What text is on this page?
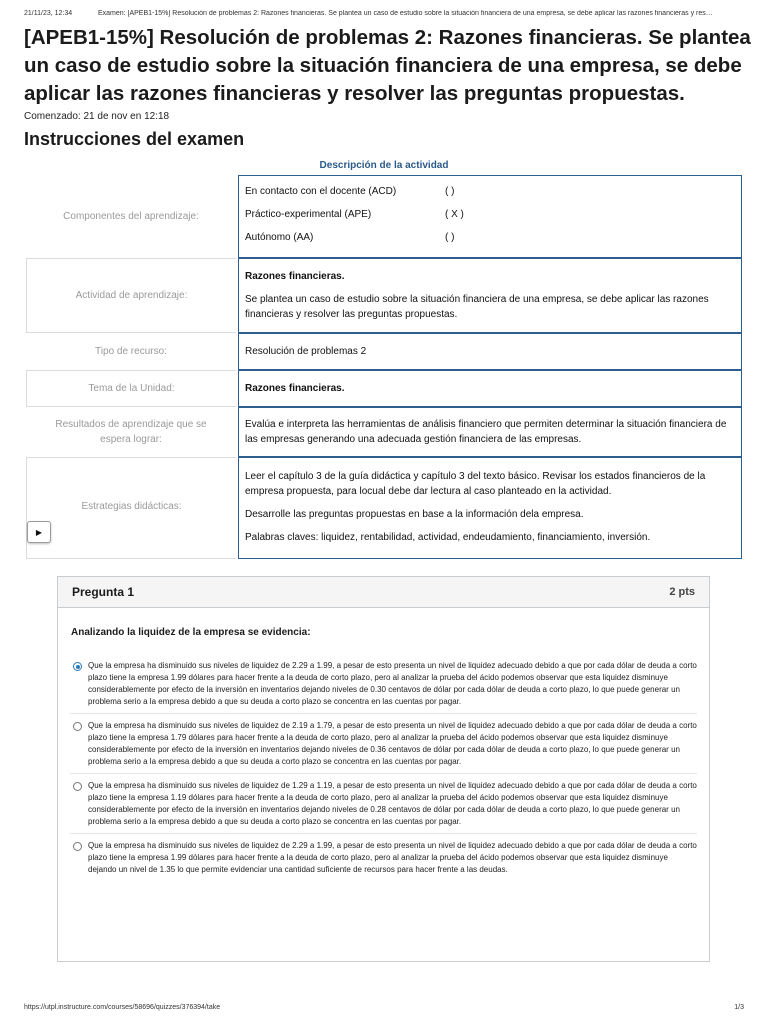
21/11/23, 12:34	Examen: [APEB1-15%] Resolución de problemas 2: Razones financieras. Se plantea un caso de estudio sobre la situación financiera de una empresa, se debe aplicar las razones financieras y res…
[APEB1-15%] Resolución de problemas 2: Razones financieras. Se plantea un caso de estudio sobre la situación financiera de una empresa, se debe aplicar las razones financieras y resolver las preguntas propuestas.
Comenzado: 21 de nov en 12:18
Instrucciones del examen
Descripción de la actividad
Componentes del aprendizaje:
En contacto con el docente (ACD)	( )
Práctico-experimental (APE)	( X )
Autónomo (AA)	( )
Actividad de aprendizaje:

Razones financieras.

Se plantea un caso de estudio sobre la situación financiera de una empresa, se debe aplicar las razones financieras y resolver las preguntas propuestas.

Tipo de recurso:	Resolución de problemas 2
Tema de la Unidad:	Razones financieras.
Resultados de aprendizaje que se espera lograr:
Evalúa e interpreta las herramientas de análisis financiero que permiten determinar la situación financiera de las empresas generando una adecuada gestión financiera de las empresas.
Estrategias didácticas:

Leer el capítulo 3 de la guía didáctica y capítulo 3 del texto básico. Revisar los estados financieros de la empresa propuesta, para locual debe dar lectura al caso planteado en la actividad.

Desarrolle las preguntas propuestas en base a la información dela empresa.

Palabras claves: liquidez, rentabilidad, actividad, endeudamiento, financiamiento, inversión.

▶
Pregunta 1	2 pts
Analizando la liquidez de la empresa se evidencia:
Que la empresa ha disminuido sus niveles de liquidez de 2.29 a 1.99, a pesar de esto presenta un nivel de liquidez adecuado debido a que por cada dólar de deuda a corto plazo tiene la empresa 1.99 dólares para hacer frente a la deuda de corto plazo, pero al analizar la prueba del ácido podemos observar que esta liquidez disminuye considerablemente por efecto de la inversión en inventarios dejando niveles de 0.30 centavos de dólar por cada dólar de deuda a corto plazo, lo que puede generar un problema serio a la empresa debido a que su deuda a corto plazo se concentra en las cuentas por pagar.
Que la empresa ha disminuido sus niveles de liquidez de 2.19 a 1.79, a pesar de esto presenta un nivel de liquidez adecuado debido a que por cada dólar de deuda a corto plazo tiene la empresa 1.79 dólares para hacer frente a la deuda de corto plazo, pero al analizar la prueba del ácido podemos observar que esta liquidez disminuye considerablemente por efecto de la inversión en inventarios dejando niveles de 0.36 centavos de dólar por cada dólar de deuda a corto plazo, lo que puede generar un problema serio a la empresa debido a que su deuda a corto plazo se concentra en las cuentas por pagar.
Que la empresa ha disminuido sus niveles de liquidez de 1.29 a 1.19, a pesar de esto presenta un nivel de liquidez adecuado debido a que por cada dólar de deuda a corto plazo tiene la empresa 1.19 dólares para hacer frente a la deuda de corto plazo, pero al analizar la prueba del ácido podemos observar que esta liquidez disminuye considerablemente por efecto de la inversión en inventarios dejando niveles de 0.28 centavos de dólar por cada dólar de deuda a corto plazo, lo que puede generar un problema serio a la empresa debido a que su deuda a corto plazo se concentra en las cuentas por pagar.
Que la empresa ha disminuido sus niveles de liquidez de 2.29 a 1.99, a pesar de esto presenta un nivel de liquidez adecuado debido a que por cada dólar de deuda a corto plazo tiene la empresa 1.99 dólares para hacer frente a la deuda de corto plazo, pero al analizar la prueba del ácido podemos observar que esta liquidez disminuye dejando un nivel de 1.35 lo que permite evidenciar una cantidad suficiente de recursos para hacer frente a las deudas.
https://utpl.instructure.com/courses/58696/quizzes/376394/take	1/3
